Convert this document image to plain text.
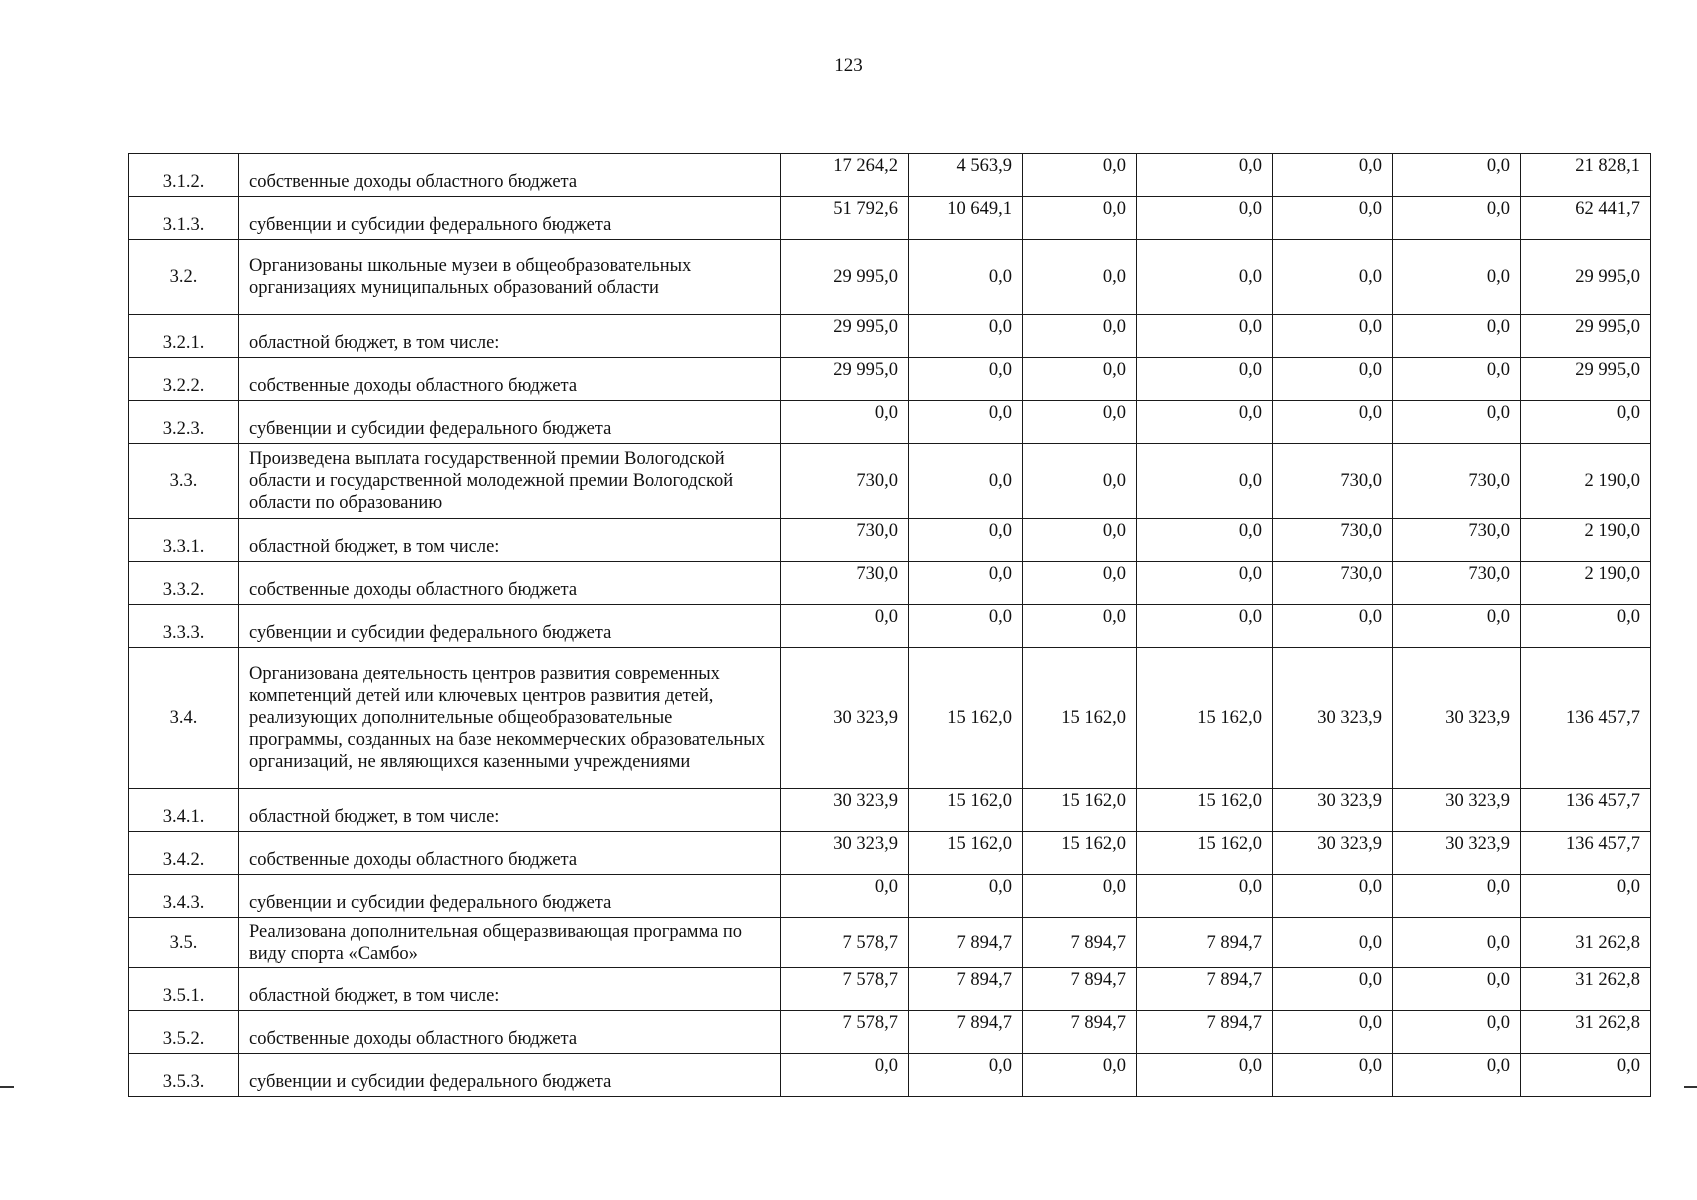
123
3.1.2.	собственные доходы областного бюджета	17 264,2	4 563,9	0,0	0,0	0,0	0,0	21 828,1
3.1.3.	субвенции и субсидии федерального бюджета	51 792,6	10 649,1	0,0	0,0	0,0	0,0	62 441,7
3.2.	Организованы школьные музеи в общеобразовательных организациях муниципальных образований области	29 995,0	0,0	0,0	0,0	0,0	0,0	29 995,0
3.2.1.	областной бюджет, в том числе:	29 995,0	0,0	0,0	0,0	0,0	0,0	29 995,0
3.2.2.	собственные доходы областного бюджета	29 995,0	0,0	0,0	0,0	0,0	0,0	29 995,0
3.2.3.	субвенции и субсидии федерального бюджета	0,0	0,0	0,0	0,0	0,0	0,0	0,0
3.3.	Произведена выплата государственной премии Вологодской области и государственной молодежной премии Вологодской области по образованию	730,0	0,0	0,0	0,0	730,0	730,0	2 190,0
3.3.1.	областной бюджет, в том числе:	730,0	0,0	0,0	0,0	730,0	730,0	2 190,0
3.3.2.	собственные доходы областного бюджета	730,0	0,0	0,0	0,0	730,0	730,0	2 190,0
3.3.3.	субвенции и субсидии федерального бюджета	0,0	0,0	0,0	0,0	0,0	0,0	0,0
3.4.	Организована деятельность центров развития современных компетенций детей или ключевых центров развития детей, реализующих дополнительные общеобразовательные программы, созданных на базе некоммерческих образовательных организаций, не являющихся казенными учреждениями	30 323,9	15 162,0	15 162,0	15 162,0	30 323,9	30 323,9	136 457,7
3.4.1.	областной бюджет, в том числе:	30 323,9	15 162,0	15 162,0	15 162,0	30 323,9	30 323,9	136 457,7
3.4.2.	собственные доходы областного бюджета	30 323,9	15 162,0	15 162,0	15 162,0	30 323,9	30 323,9	136 457,7
3.4.3.	субвенции и субсидии федерального бюджета	0,0	0,0	0,0	0,0	0,0	0,0	0,0
3.5.	Реализована дополнительная общеразвивающая программа по виду спорта «Самбо»	7 578,7	7 894,7	7 894,7	7 894,7	0,0	0,0	31 262,8
3.5.1.	областной бюджет, в том числе:	7 578,7	7 894,7	7 894,7	7 894,7	0,0	0,0	31 262,8
3.5.2.	собственные доходы областного бюджета	7 578,7	7 894,7	7 894,7	7 894,7	0,0	0,0	31 262,8
3.5.3.	субвенции и субсидии федерального бюджета	0,0	0,0	0,0	0,0	0,0	0,0	0,0
